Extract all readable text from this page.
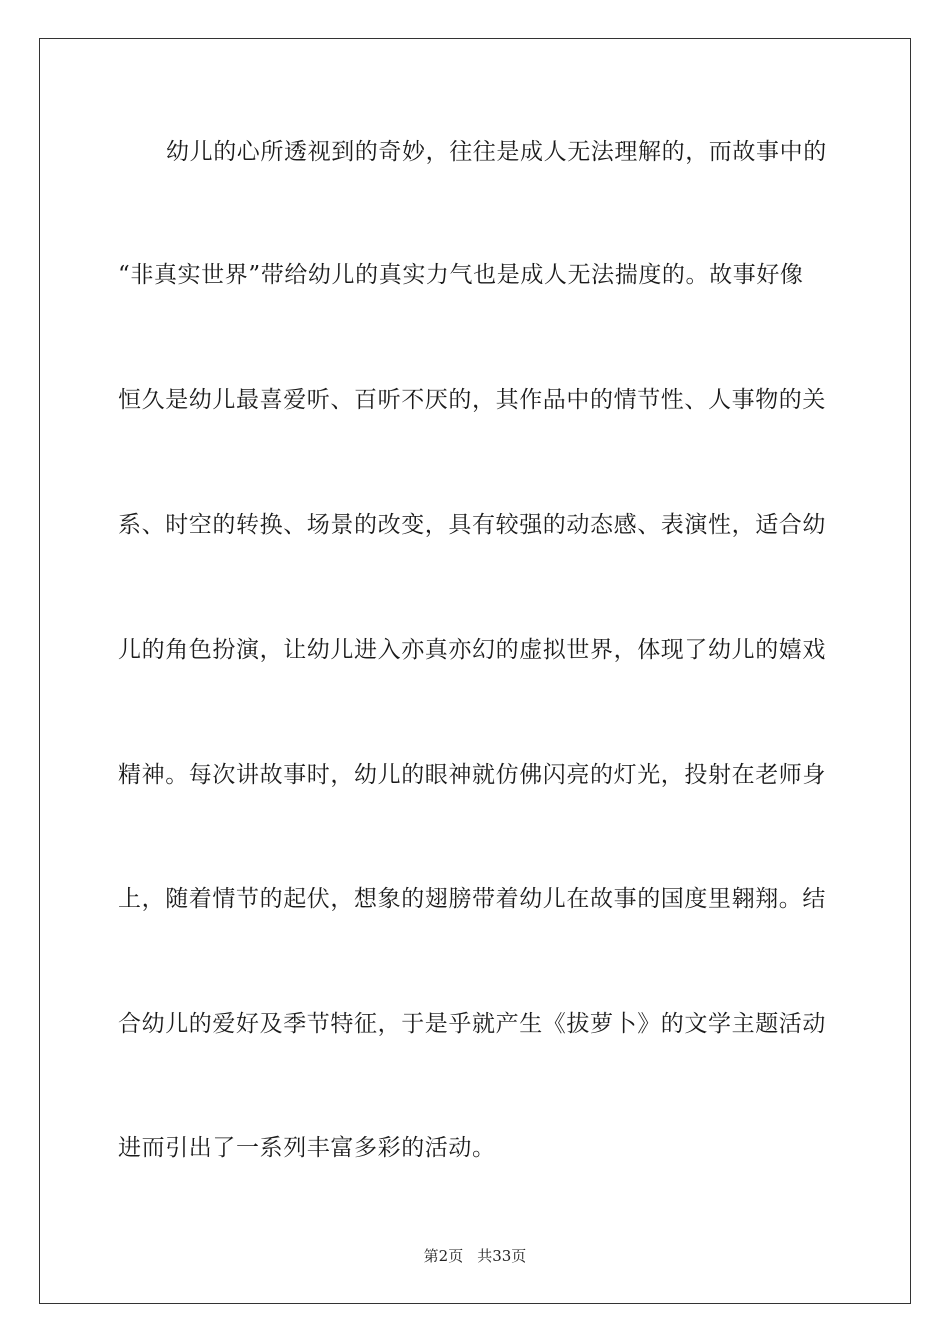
幼儿的心所透视到的奇妙，往往是成人无法理解的，而故事中的
“非真实世界”带给幼儿的真实力气也是成人无法揣度的。故事好像
恒久是幼儿最喜爱听、百听不厌的，其作品中的情节性、人事物的关
系、时空的转换、场景的改变，具有较强的动态感、表演性，适合幼
儿的角色扮演，让幼儿进入亦真亦幻的虚拟世界，体现了幼儿的嬉戏
精神。每次讲故事时，幼儿的眼神就仿佛闪亮的灯光，投射在老师身
上，随着情节的起伏，想象的翅膀带着幼儿在故事的国度里翱翔。结
合幼儿的爱好及季节特征，于是乎就产生《拔萝卜》的文学主题活动
进而引出了一系列丰富多彩的活动。
第2页 共33页
